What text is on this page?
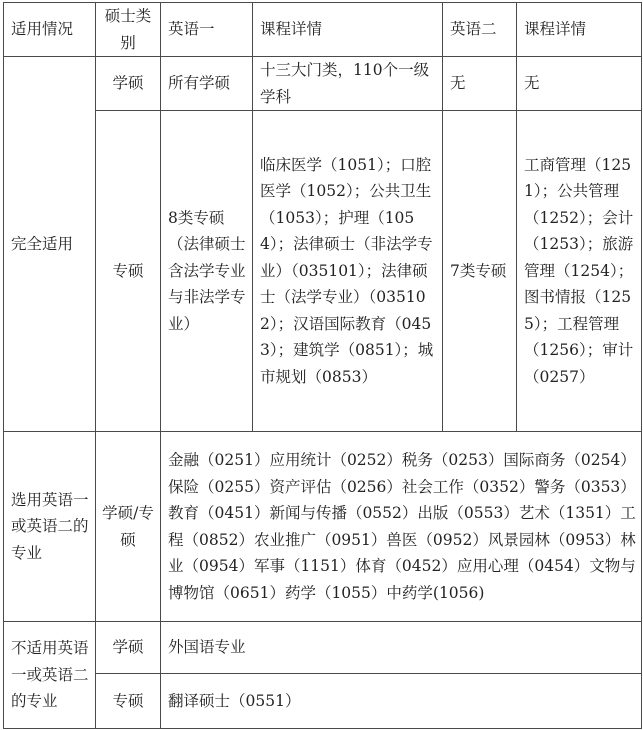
适用情况	硕士类别	英语一	课程详情	英语二	课程详情
完全适用	学硕	所有学硕	十三大门类，110个一级学科	无	无
	专硕	8类专硕（法律硕士含法学专业与非法学专业）	临床医学（1051）；口腔医学（1052）；公共卫生（1053）；护理（1054）；法律硕士（非法学专业）（035101）；法律硕士（法学专业）（035102）；汉语国际教育（0453）；建筑学（0851）；城市规划（0853）	7类专硕	工商管理（1251）；公共管理（1252）；会计（1253）；旅游管理（1254）；图书情报（1255）；工程管理（1256）；审计（0257）
选用英语一或英语二的专业	学硕/专硕	金融（0251）应用统计（0252）税务（0253）国际商务（0254）保险（0255）资产评估（0256）社会工作（0352）警务（0353）教育（0451）新闻与传播（0552）出版（0553）艺术（1351）工程（0852）农业推广（0951）兽医（0952）风景园林（0953）林业（0954）军事（1151）体育（0452）应用心理（0454）文物与博物馆（0651）药学（1055）中药学(1056)			
不适用英语一或英语二的专业	学硕	外国语专业			
	专硕	翻译硕士（0551）			
